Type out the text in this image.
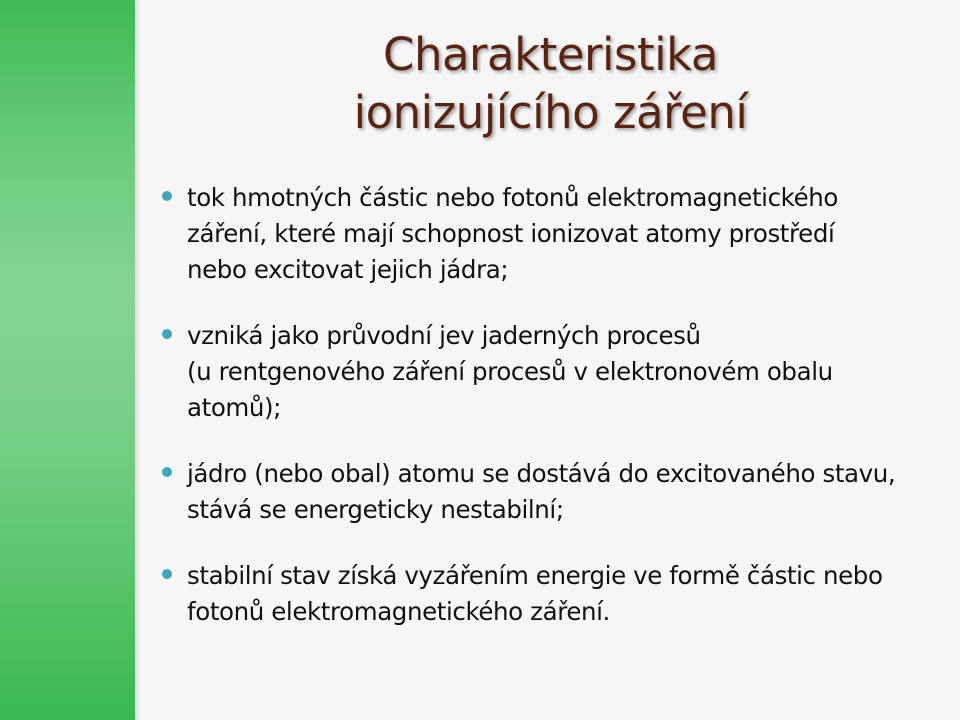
Charakteristika
ionizujícího záření
tok hmotných částic nebo fotonů elektromagnetického
záření, které mají schopnost ionizovat atomy prostředí
nebo excitovat jejich jádra;
vzniká jako průvodní jev jaderných procesů
(u rentgenového záření procesů v elektronovém obalu
atomů);
jádro (nebo obal) atomu se dostává do excitovaného stavu,
stává se energeticky nestabilní;
stabilní stav získá vyzářením energie ve formě částic nebo
fotonů elektromagnetického záření.
